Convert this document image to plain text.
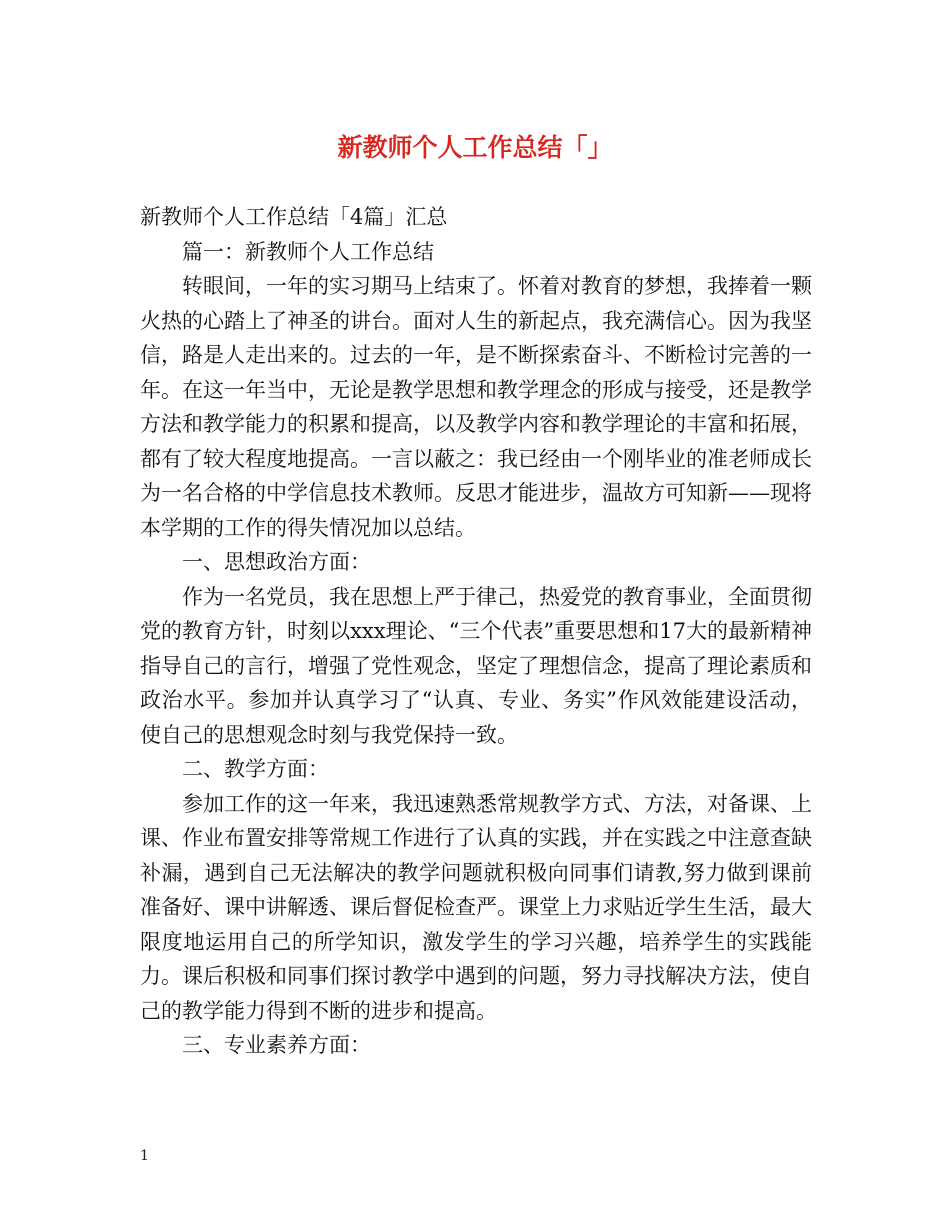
新教师个人工作总结「」

新教师个人工作总结「4篇」汇总

篇一：新教师个人工作总结

转眼间，一年的实习期马上结束了。怀着对教育的梦想，我捧着一颗火热的心踏上了神圣的讲台。面对人生的新起点，我充满信心。因为我坚信，路是人走出来的。过去的一年，是不断探索奋斗、不断检讨完善的一年。在这一年当中，无论是教学思想和教学理念的形成与接受，还是教学方法和教学能力的积累和提高，以及教学内容和教学理论的丰富和拓展，都有了较大程度地提高。一言以蔽之：我已经由一个刚毕业的准老师成长为一名合格的中学信息技术教师。反思才能进步，温故方可知新——现将本学期的工作的得失情况加以总结。

一、思想政治方面：

作为一名党员，我在思想上严于律己，热爱党的教育事业，全面贯彻党的教育方针，时刻以xxx理论、“三个代表”重要思想和17大的最新精神指导自己的言行，增强了党性观念，坚定了理想信念，提高了理论素质和政治水平。参加并认真学习了“认真、专业、务实”作风效能建设活动，使自己的思想观念时刻与我党保持一致。

二、教学方面：

参加工作的这一年来，我迅速熟悉常规教学方式、方法，对备课、上课、作业布置安排等常规工作进行了认真的实践，并在实践之中注意查缺补漏，遇到自己无法解决的教学问题就积极向同事们请教,努力做到课前准备好、课中讲解透、课后督促检查严。课堂上力求贴近学生生活，最大限度地运用自己的所学知识，激发学生的学习兴趣，培养学生的实践能力。课后积极和同事们探讨教学中遇到的问题，努力寻找解决方法，使自己的教学能力得到不断的进步和提高。

三、专业素养方面：

1
